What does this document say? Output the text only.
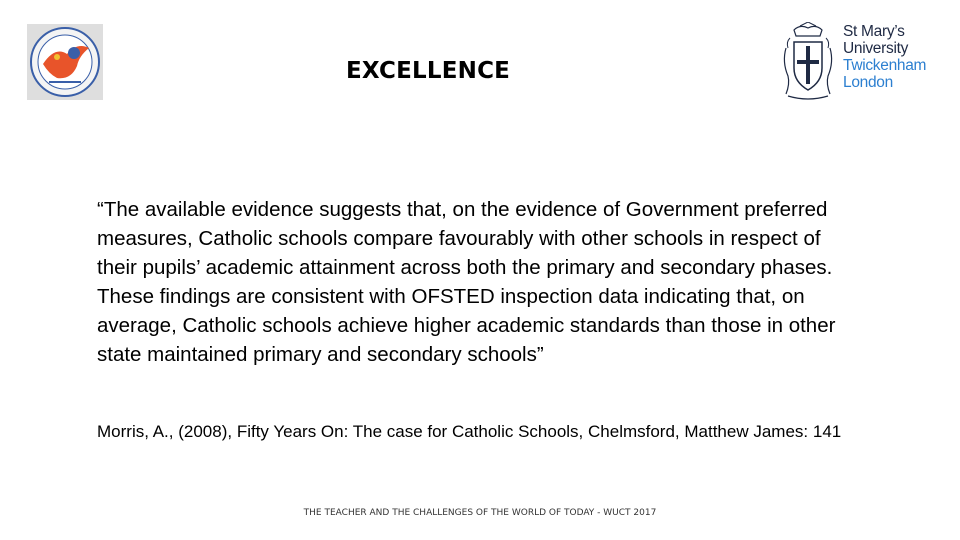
EXCELLENCE
St Mary’s
University
Twickenham
London

“The available evidence suggests that, on the evidence of Government preferred measures, Catholic schools compare favourably with other schools in respect of their pupils’ academic attainment across both the primary and secondary phases. These findings are consistent with OFSTED inspection data indicating that, on average, Catholic schools achieve higher academic standards than those in other state maintained primary and secondary schools”

Morris, A., (2008), Fifty Years On: The case for Catholic Schools, Chelmsford, Matthew James: 141

THE TEACHER AND THE CHALLENGES OF THE WORLD OF TODAY - WUCT 2017
